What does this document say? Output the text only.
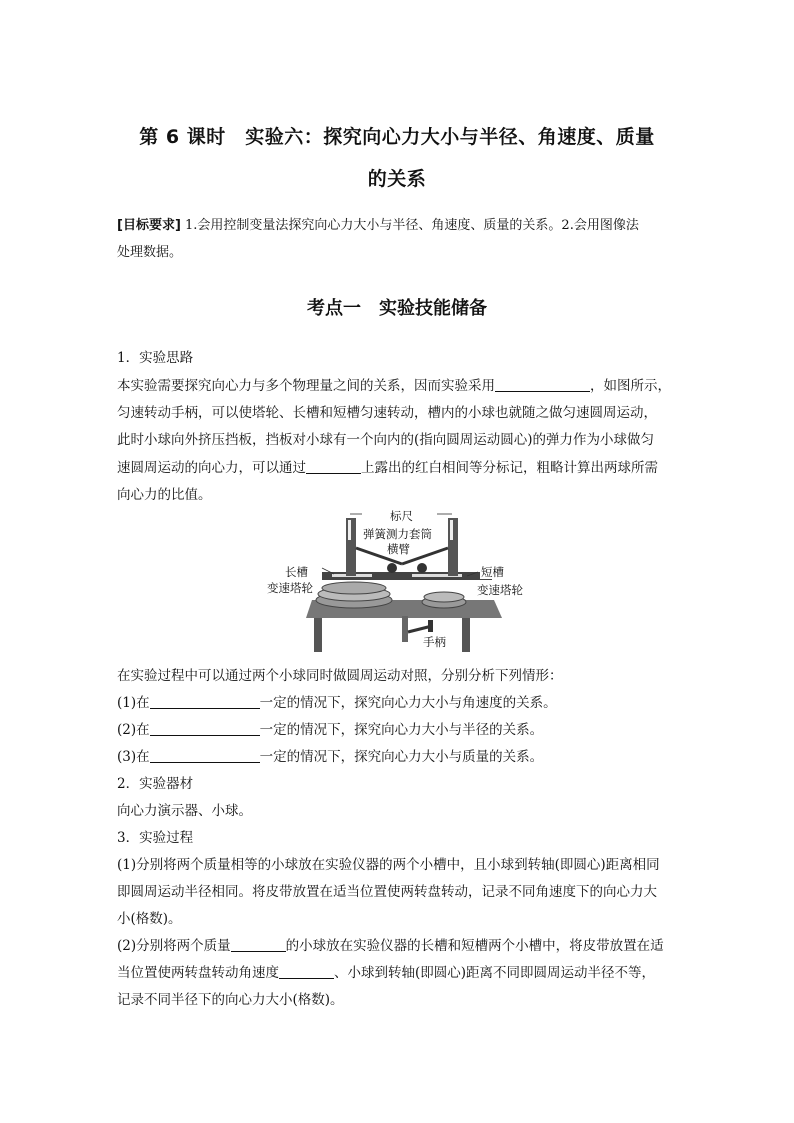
第 6 课时　实验六：探究向心力大小与半径、角速度、质量
的关系
[目标要求] 1.会用控制变量法探究向心力大小与半径、角速度、质量的关系。2.会用图像法
处理数据。
考点一　实验技能储备
1．实验思路
本实验需要探究向心力与多个物理量之间的关系，因而实验采用	，如图所示，
匀速转动手柄，可以使塔轮、长槽和短槽匀速转动，槽内的小球也就随之做匀速圆周运动，
此时小球向外挤压挡板，挡板对小球有一个向内的(指向圆周运动圆心)的弹力作为小球做匀
速圆周运动的向心力，可以通过	上露出的红白相间等分标记，粗略计算出两球所需
向心力的比值。
标尺
弹簧测力套筒
横臂
长槽
变速塔轮
短槽
变速塔轮
手柄
在实验过程中可以通过两个小球同时做圆周运动对照，分别分析下列情形：
(1)在	一定的情况下，探究向心力大小与角速度的关系。
(2)在	一定的情况下，探究向心力大小与半径的关系。
(3)在	一定的情况下，探究向心力大小与质量的关系。
2．实验器材
向心力演示器、小球。
3．实验过程
(1)分别将两个质量相等的小球放在实验仪器的两个小槽中，且小球到转轴(即圆心)距离相同
即圆周运动半径相同。将皮带放置在适当位置使两转盘转动，记录不同角速度下的向心力大
小(格数)。
(2)分别将两个质量	的小球放在实验仪器的长槽和短槽两个小槽中，将皮带放置在适
当位置使两转盘转动角速度	、小球到转轴(即圆心)距离不同即圆周运动半径不等，
记录不同半径下的向心力大小(格数)。
